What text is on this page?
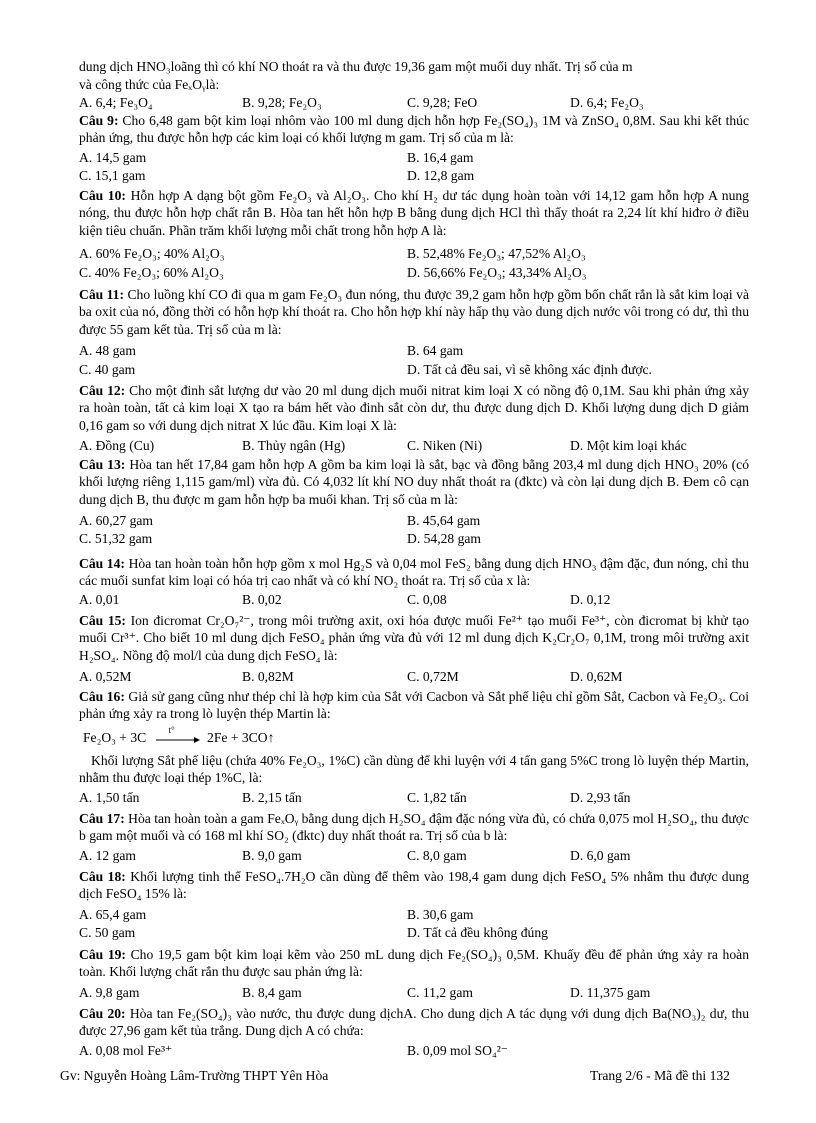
dung dịch HNO₃loãng thì có khí NO thoát ra và thu được 19,36 gam một muối duy nhất. Trị số của m
và công thức của FeₓOᵧlà:
A. 6,4; Fe₃O₄	B. 9,28; Fe₂O₃	C. 9,28; FeO	D. 6,4; Fe₂O₃
Câu 9: Cho 6,48 gam bột kim loại nhôm vào 100 ml dung dịch hỗn hợp Fe₂(SO₄)₃ 1M và ZnSO₄ 0,8M. Sau khi kết thúc phản ứng, thu được hỗn hợp các kim loại có khối lượng m gam. Trị số của m là:
A. 14,5 gam	B. 16,4 gam
C. 15,1 gam	D. 12,8 gam
Câu 10: Hỗn hợp A dạng bột gồm Fe₂O₃ và Al₂O₃. Cho khí H₂ dư tác dụng hoàn toàn với 14,12 gam hỗn hợp A nung nóng, thu được hỗn hợp chất rắn B. Hòa tan hết hỗn hợp B bằng dung dịch HCl thì thấy thoát ra 2,24 lít khí hiđro ở điều kiện tiêu chuẩn. Phần trăm khối lượng mỗi chất trong hỗn hợp A là:
A. 60% Fe₂O₃; 40% Al₂O₃	B. 52,48% Fe₂O₃; 47,52% Al₂O₃
C. 40% Fe₂O₃; 60% Al₂O₃	D. 56,66% Fe₂O₃; 43,34% Al₂O₃
Câu 11: Cho luồng khí CO đi qua m gam Fe₂O₃ đun nóng, thu được 39,2 gam hỗn hợp gồm bốn chất rắn là sắt kim loại và ba oxit của nó, đồng thời có hỗn hợp khí thoát ra. Cho hỗn hợp khí này hấp thụ vào dung dịch nước vôi trong có dư, thì thu được 55 gam kết tủa. Trị số của m là:
A. 48 gam	B. 64 gam
C. 40 gam	D. Tất cả đều sai, vì sẽ không xác định được.
Câu 12: Cho một đinh sắt lượng dư vào 20 ml dung dịch muối nitrat kim loại X có nồng độ 0,1M. Sau khi phản ứng xảy ra hoàn toàn, tất cả kim loại X tạo ra bám hết vào đinh sắt còn dư, thu được dung dịch D. Khối lượng dung dịch D giảm 0,16 gam so với dung dịch nitrat X lúc đầu. Kim loại X là:
A. Đồng (Cu)	B. Thủy ngân (Hg)	C. Niken (Ni)	D. Một kim loại khác
Câu 13: Hòa tan hết 17,84 gam hỗn hợp A gồm ba kim loại là sắt, bạc và đồng bằng 203,4 ml dung dịch HNO₃ 20% (có khối lượng riêng 1,115 gam/ml) vừa đủ. Có 4,032 lít khí NO duy nhất thoát ra (đktc) và còn lại dung dịch B. Đem cô cạn dung dịch B, thu được m gam hỗn hợp ba muối khan. Trị số của m là:
A. 60,27 gam	B. 45,64 gam
C. 51,32 gam	D. 54,28 gam
Câu 14: Hòa tan hoàn toàn hỗn hợp gồm x mol Hg₂S và 0,04 mol FeS₂ bằng dung dịch HNO₃ đậm đặc, đun nóng, chỉ thu các muối sunfat kim loại có hóa trị cao nhất và có khí NO₂ thoát ra. Trị số của x là:
A. 0,01	B. 0,02	C. 0,08	D. 0,12
Câu 15: Ion đicromat Cr₂O₇²⁻, trong môi trường axit, oxi hóa được muối Fe²⁺ tạo muối Fe³⁺, còn đicromat bị khử tạo muối Cr³⁺. Cho biết 10 ml dung dịch FeSO₄ phản ứng vừa đủ với 12 ml dung dịch K₂Cr₂O₇ 0,1M, trong môi trường axit H₂SO₄. Nồng độ mol/l của dung dịch FeSO₄ là:
A. 0,52M	B. 0,82M	C. 0,72M	D. 0,62M
Câu 16: Giả sử gang cũng như thép chỉ là hợp kim của Sắt với Cacbon và Sắt phế liệu chỉ gồm Sắt, Cacbon và Fe₂O₃. Coi phản ứng xảy ra trong lò luyện thép Martin là:
Fe₂O₃ + 3C
t°
2Fe + 3CO↑
Khối lượng Sắt phế liệu (chứa 40% Fe₂O₃, 1%C) cần dùng để khi luyện với 4 tấn gang 5%C trong lò luyện thép Martin, nhằm thu được loại thép 1%C, là:
A. 1,50 tấn	B. 2,15 tấn	C. 1,82 tấn	D. 2,93 tấn
Câu 17: Hòa tan hoàn toàn a gam FeₓOᵧ bằng dung dịch H₂SO₄ đậm đặc nóng vừa đủ, có chứa 0,075 mol H₂SO₄, thu được b gam một muối và có 168 ml khí SO₂ (đktc) duy nhất thoát ra. Trị số của b là:
A. 12 gam	B. 9,0 gam	C. 8,0 gam	D. 6,0 gam
Câu 18: Khối lượng tinh thể FeSO₄.7H₂O cần dùng để thêm vào 198,4 gam dung dịch FeSO₄ 5% nhằm thu được dung dịch FeSO₄ 15% là:
A. 65,4 gam	B. 30,6 gam
C. 50 gam	D. Tất cả đều không đúng
Câu 19: Cho 19,5 gam bột kim loại kẽm vào 250 mL dung dịch Fe₂(SO₄)₃ 0,5M. Khuấy đều để phản ứng xảy ra hoàn toàn. Khối lượng chất rắn thu được sau phản ứng là:
A. 9,8 gam	B. 8,4 gam	C. 11,2 gam	D. 11,375 gam
Câu 20: Hòa tan Fe₂(SO₄)₃ vào nước, thu được dung dịchA. Cho dung dịch A tác dụng với dung dịch Ba(NO₃)₂ dư, thu được 27,96 gam kết tủa trắng. Dung dịch A có chứa:
A. 0,08 mol Fe³⁺	B. 0,09 mol SO₄²⁻
Gv: Nguyễn Hoàng Lâm-Trường THPT Yên Hòa	Trang 2/6 - Mã đề thi 132
